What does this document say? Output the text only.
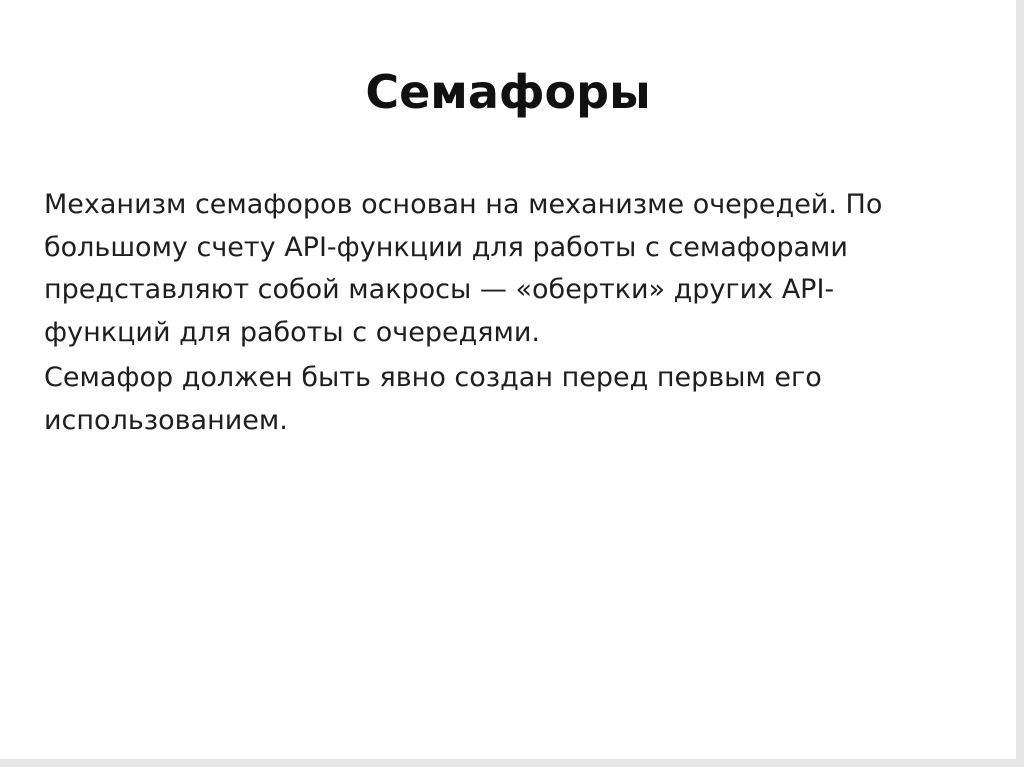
Семафоры

Механизм семафоров основан на механизме очередей. По
большому счету API-функции для работы с семафорами
представляют собой макросы — «обертки» других API-
функций для работы с очередями.

Семафор должен быть явно создан перед первым его
использованием.
